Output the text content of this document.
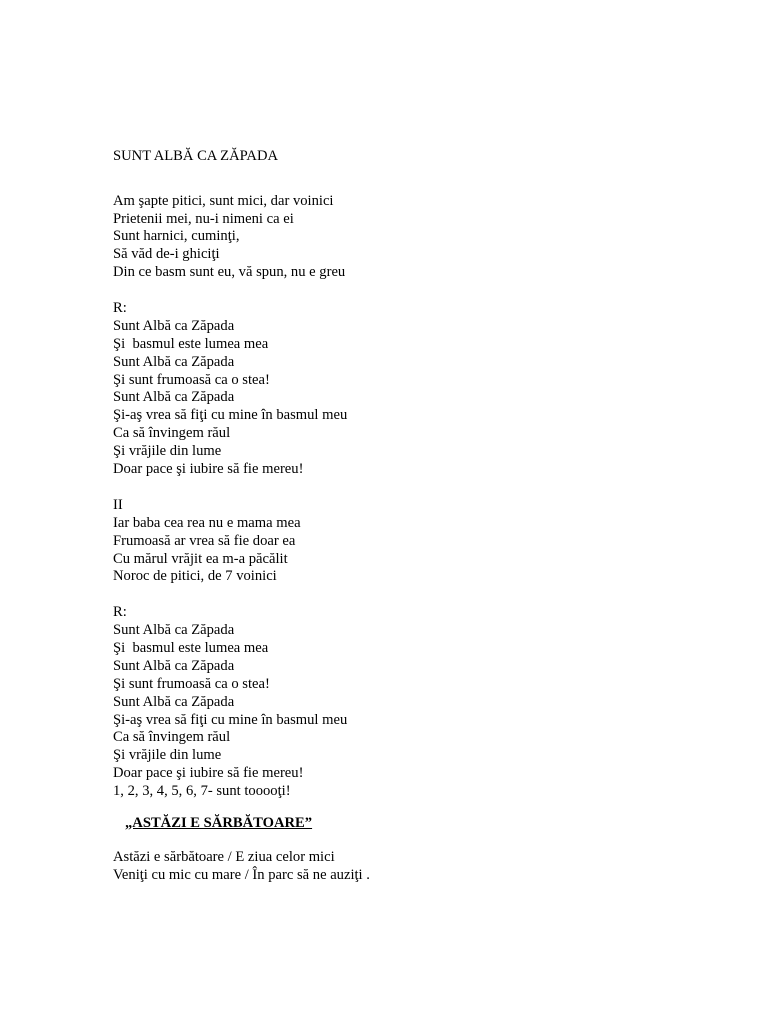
SUNT ALBĂ CA ZĂPADA
Am şapte pitici, sunt mici, dar voinici
Prietenii mei, nu-i nimeni ca ei
Sunt harnici, cuminţi,
Să văd de-i ghiciţi
Din ce basm sunt eu, vă spun, nu e greu
R:
Sunt Albă ca Zăpada
Şi  basmul este lumea mea
Sunt Albă ca Zăpada
Şi sunt frumoasă ca o stea!
Sunt Albă ca Zăpada
Şi-aş vrea să fiţi cu mine în basmul meu
Ca să învingem răul
Şi vrăjile din lume
Doar pace şi iubire să fie mereu!
II
Iar baba cea rea nu e mama mea
Frumoasă ar vrea să fie doar ea
Cu mărul vrăjit ea m-a păcălit
Noroc de pitici, de 7 voinici
R:
Sunt Albă ca Zăpada
Şi  basmul este lumea mea
Sunt Albă ca Zăpada
Şi sunt frumoasă ca o stea!
Sunt Albă ca Zăpada
Şi-aş vrea să fiţi cu mine în basmul meu
Ca să învingem răul
Şi vrăjile din lume
Doar pace şi iubire să fie mereu!
1, 2, 3, 4, 5, 6, 7- sunt tooooţi!
„ASTĂZI E SĂRBĂTOARE”
Astăzi e sărbătoare / E ziua celor mici
Veniţi cu mic cu mare / În parc să ne auziţi .
